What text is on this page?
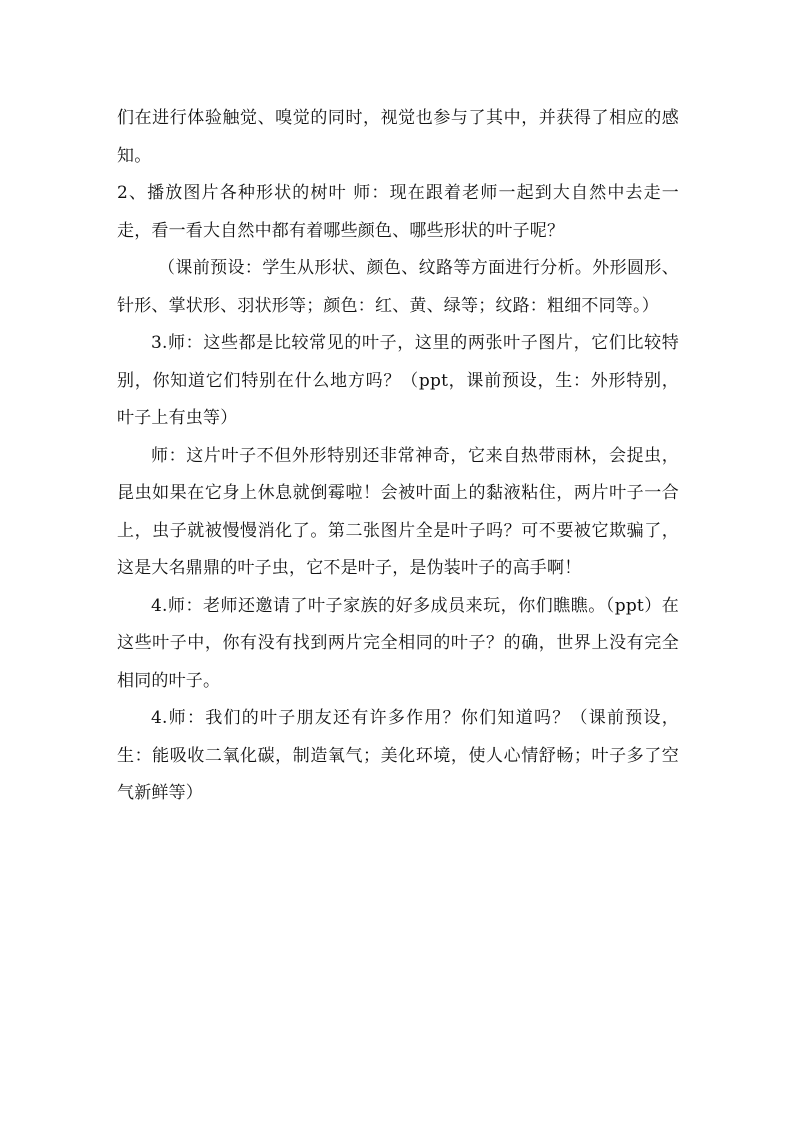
们在进行体验触觉、嗅觉的同时，视觉也参与了其中，并获得了相应的感知。

2、播放图片各种形状的树叶 师：现在跟着老师一起到大自然中去走一走，看一看大自然中都有着哪些颜色、哪些形状的叶子呢？

（课前预设：学生从形状、颜色、纹路等方面进行分析。外形圆形、针形、掌状形、羽状形等；颜色：红、黄、绿等；纹路：粗细不同等。）

3.师：这些都是比较常见的叶子，这里的两张叶子图片，它们比较特别，你知道它们特别在什么地方吗？（ppt，课前预设，生：外形特别，叶子上有虫等）

师：这片叶子不但外形特别还非常神奇，它来自热带雨林，会捉虫，昆虫如果在它身上休息就倒霉啦！会被叶面上的黏液粘住，两片叶子一合上，虫子就被慢慢消化了。第二张图片全是叶子吗？可不要被它欺骗了，这是大名鼎鼎的叶子虫，它不是叶子，是伪装叶子的高手啊！

4.师：老师还邀请了叶子家族的好多成员来玩，你们瞧瞧。（ppt）在这些叶子中，你有没有找到两片完全相同的叶子？的确，世界上没有完全相同的叶子。

4.师：我们的叶子朋友还有许多作用？你们知道吗？（课前预设，生：能吸收二氧化碳，制造氧气；美化环境，使人心情舒畅；叶子多了空气新鲜等）
